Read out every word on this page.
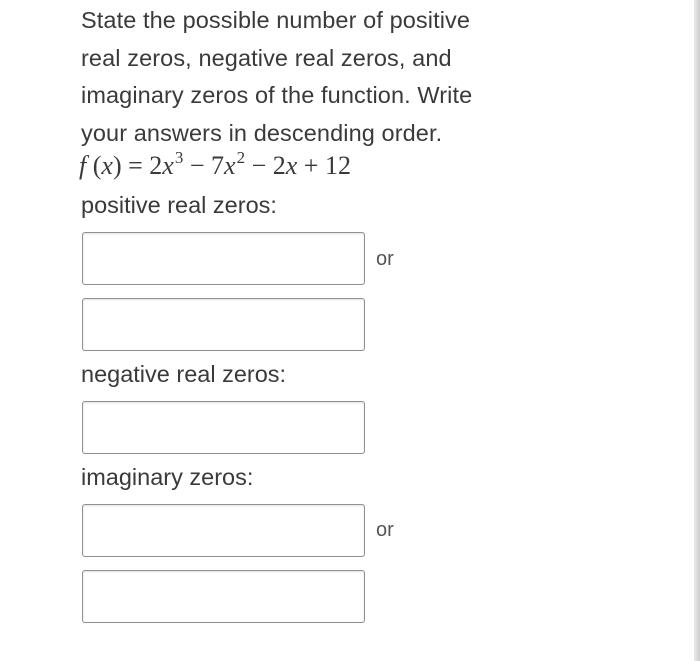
State the possible number of positive
real zeros, negative real zeros, and
imaginary zeros of the function. Write
your answers in descending order.
f $(x) = 2x^3 - 7x^2 - 2x + 12$
positive real zeros:
or
negative real zeros:
imaginary zeros:
or
